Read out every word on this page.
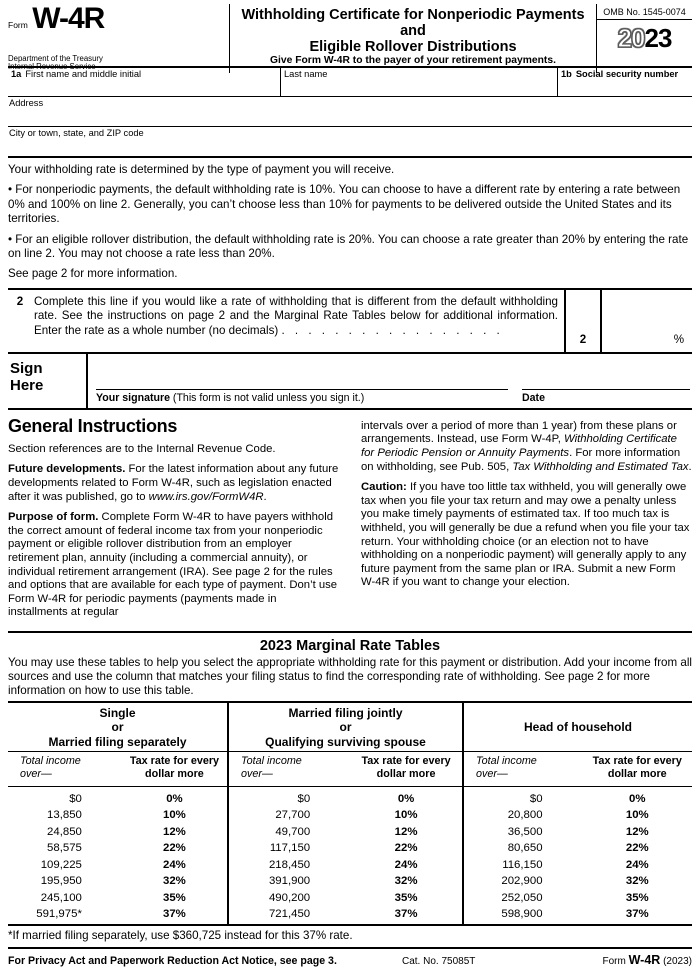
Form W-4R
Department of the Treasury
Internal Revenue Service
Withholding Certificate for Nonperiodic Payments and
Eligible Rollover Distributions
Give Form W-4R to the payer of your retirement payments.
OMB No. 1545-0074
2023
1a First name and middle initial	Last name	1b Social security number
Address
City or town, state, and ZIP code

Your withholding rate is determined by the type of payment you will receive.

• For nonperiodic payments, the default withholding rate is 10%. You can choose to have a different rate by entering a rate between 0% and 100% on line 2. Generally, you can’t choose less than 10% for payments to be delivered outside the United States and its territories.

• For an eligible rollover distribution, the default withholding rate is 20%. You can choose a rate greater than 20% by entering the rate on line 2. You may not choose a rate less than 20%.

See page 2 for more information.

2 Complete this line if you would like a rate of withholding that is different from the default withholding rate. See the instructions on page 2 and the Marginal Rate Tables below for additional information. Enter the rate as a whole number (no decimals) . . . . . . . . . . . . . . . . .
2	%
Sign
Here
Your signature (This form is not valid unless you sign it.)	Date
General Instructions

Section references are to the Internal Revenue Code.

Future developments. For the latest information about any future developments related to Form W-4R, such as legislation enacted after it was published, go to www.irs.gov/FormW4R.

Purpose of form. Complete Form W-4R to have payers withhold the correct amount of federal income tax from your nonperiodic payment or eligible rollover distribution from an employer retirement plan, annuity (including a commercial annuity), or individual retirement arrangement (IRA). See page 2 for the rules and options that are available for each type of payment. Don’t use Form W-4R for periodic payments (payments made in installments at regular

intervals over a period of more than 1 year) from these plans or arrangements. Instead, use Form W-4P, Withholding Certificate for Periodic Pension or Annuity Payments. For more information on withholding, see Pub. 505, Tax Withholding and Estimated Tax.

Caution: If you have too little tax withheld, you will generally owe tax when you file your tax return and may owe a penalty unless you make timely payments of estimated tax. If too much tax is withheld, you will generally be due a refund when you file your tax return. Your withholding choice (or an election not to have withholding on a nonperiodic payment) will generally apply to any future payment from the same plan or IRA. Submit a new Form W-4R if you want to change your election.

2023 Marginal Rate Tables

You may use these tables to help you select the appropriate withholding rate for this payment or distribution. Add your income from all sources and use the column that matches your filing status to find the corresponding rate of withholding. See page 2 for more information on how to use this table.

Single
or
Married filing separately
Total income
over—
Tax rate for every
dollar more
$0	0%
13,850	10%
24,850	12%
58,575	22%
109,225	24%
195,950	32%
245,100	35%
591,975*	37%
Married filing jointly
or
Qualifying surviving spouse
Total income
over—
Tax rate for every
dollar more
$0	0%
27,700	10%
49,700	12%
117,150	22%
218,450	24%
391,900	32%
490,200	35%
721,450	37%
Head of household
Total income
over—
Tax rate for every
dollar more
$0	0%
20,800	10%
36,500	12%
80,650	22%
116,150	24%
202,900	32%
252,050	35%
598,900	37%

*If married filing separately, use $360,725 instead for this 37% rate.

For Privacy Act and Paperwork Reduction Act Notice, see page 3.	Cat. No. 75085T	Form W-4R (2023)
